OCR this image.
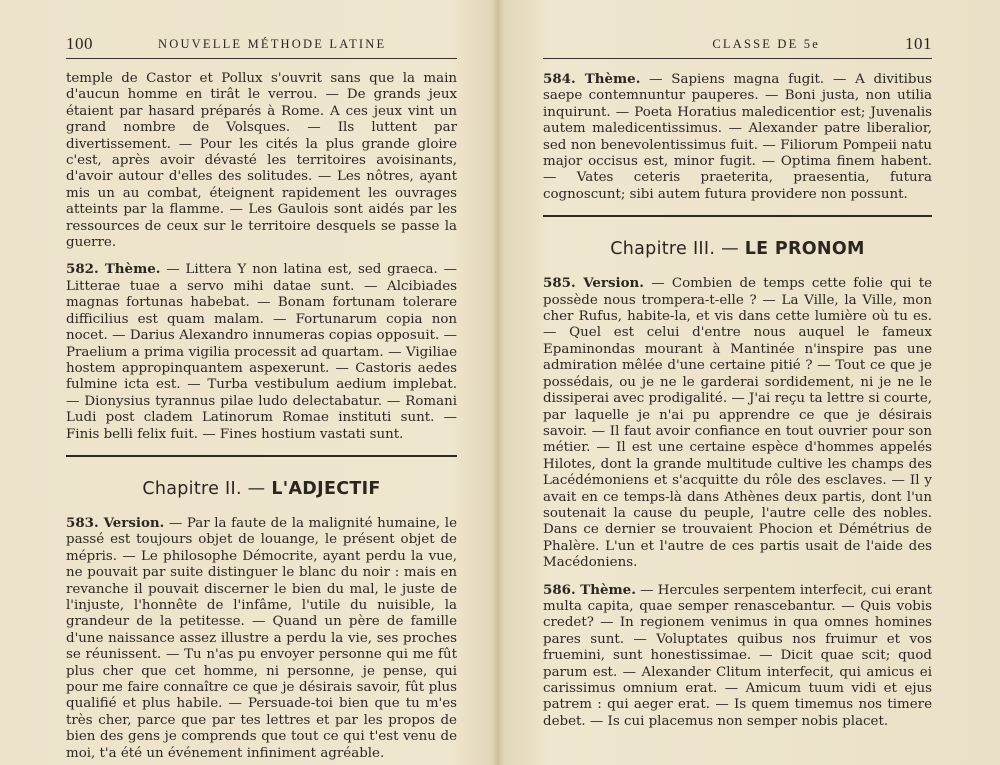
100	NOUVELLE MÉTHODE LATINE

temple de Castor et Pollux s'ouvrit sans que la main d'aucun homme en tirât le verrou. — De grands jeux étaient par hasard préparés à Rome. A ces jeux vint un grand nombre de Volsques. — Ils luttent par divertissement. — Pour les cités la plus grande gloire c'est, après avoir dévasté les territoires avoisinants, d'avoir autour d'elles des solitudes. — Les nôtres, ayant mis un au combat, éteignent rapidement les ouvrages atteints par la flamme. — Les Gaulois sont aidés par les ressources de ceux sur le territoire desquels se passe la guerre.

582. Thème. — Littera Y non latina est, sed graeca. — Litterae tuae a servo mihi datae sunt. — Alcibiades magnas fortunas habebat. — Bonam fortunam tolerare difficilius est quam malam. — Fortunarum copia non nocet. — Darius Alexandro innumeras copias opposuit. — Praelium a prima vigilia processit ad quartam. — Vigiliae hostem appropinquantem aspexerunt. — Castoris aedes fulmine icta est. — Turba vestibulum aedium implebat. — Dionysius tyrannus pilae ludo delectabatur. — Romani Ludi post cladem Latinorum Romae instituti sunt. — Finis belli felix fuit. — Fines hostium vastati sunt.

Chapitre II. — L'ADJECTIF

583. Version. — Par la faute de la malignité humaine, le passé est toujours objet de louange, le présent objet de mépris. — Le philosophe Démocrite, ayant perdu la vue, ne pouvait par suite distinguer le blanc du noir : mais en revanche il pouvait discerner le bien du mal, le juste de l'injuste, l'honnête de l'infâme, l'utile du nuisible, la grandeur de la petitesse. — Quand un père de famille d'une naissance assez illustre a perdu la vie, ses proches se réunissent. — Tu n'as pu envoyer personne qui me fût plus cher que cet homme, ni personne, je pense, qui pour me faire connaître ce que je désirais savoir, fût plus qualifié et plus habile. — Persuade-toi bien que tu m'es très cher, parce que par tes lettres et par les propos de bien des gens je comprends que tout ce qui t'est venu de moi, t'a été un événement infiniment agréable.

CLASSE DE 5e	101

584. Thème. — Sapiens magna fugit. — A divitibus saepe contemnuntur pauperes. — Boni justa, non utilia inquirunt. — Poeta Horatius maledicentior est; Juvenalis autem maledicentissimus. — Alexander patre liberalior, sed non benevolentissimus fuit. — Filiorum Pompeii natu major occisus est, minor fugit. — Optima finem habent. — Vates ceteris praeterita, praesentia, futura cognoscunt; sibi autem futura providere non possunt.

Chapitre III. — LE PRONOM

585. Version. — Combien de temps cette folie qui te possède nous trompera-t-elle ? — La Ville, la Ville, mon cher Rufus, habite-la, et vis dans cette lumière où tu es. — Quel est celui d'entre nous auquel le fameux Epaminondas mourant à Mantinée n'inspire pas une admiration mêlée d'une certaine pitié ? — Tout ce que je possédais, ou je ne le garderai sordidement, ni je ne le dissiperai avec prodigalité. — J'ai reçu ta lettre si courte, par laquelle je n'ai pu apprendre ce que je désirais savoir. — Il faut avoir confiance en tout ouvrier pour son métier. — Il est une certaine espèce d'hommes appelés Hilotes, dont la grande multitude cultive les champs des Lacédémoniens et s'acquitte du rôle des esclaves. — Il y avait en ce temps-là dans Athènes deux partis, dont l'un soutenait la cause du peuple, l'autre celle des nobles. Dans ce dernier se trouvaient Phocion et Démétrius de Phalère. L'un et l'autre de ces partis usait de l'aide des Macédoniens.

586. Thème. — Hercules serpentem interfecit, cui erant multa capita, quae semper renascebantur. — Quis vobis credet? — In regionem venimus in qua omnes homines pares sunt. — Voluptates quibus nos fruimur et vos fruemini, sunt honestissimae. — Dicit quae scit; quod parum est. — Alexander Clitum interfecit, qui amicus ei carissimus omnium erat. — Amicum tuum vidi et ejus patrem : qui aeger erat. — Is quem timemus nos timere debet. — Is cui placemus non semper nobis placet.
